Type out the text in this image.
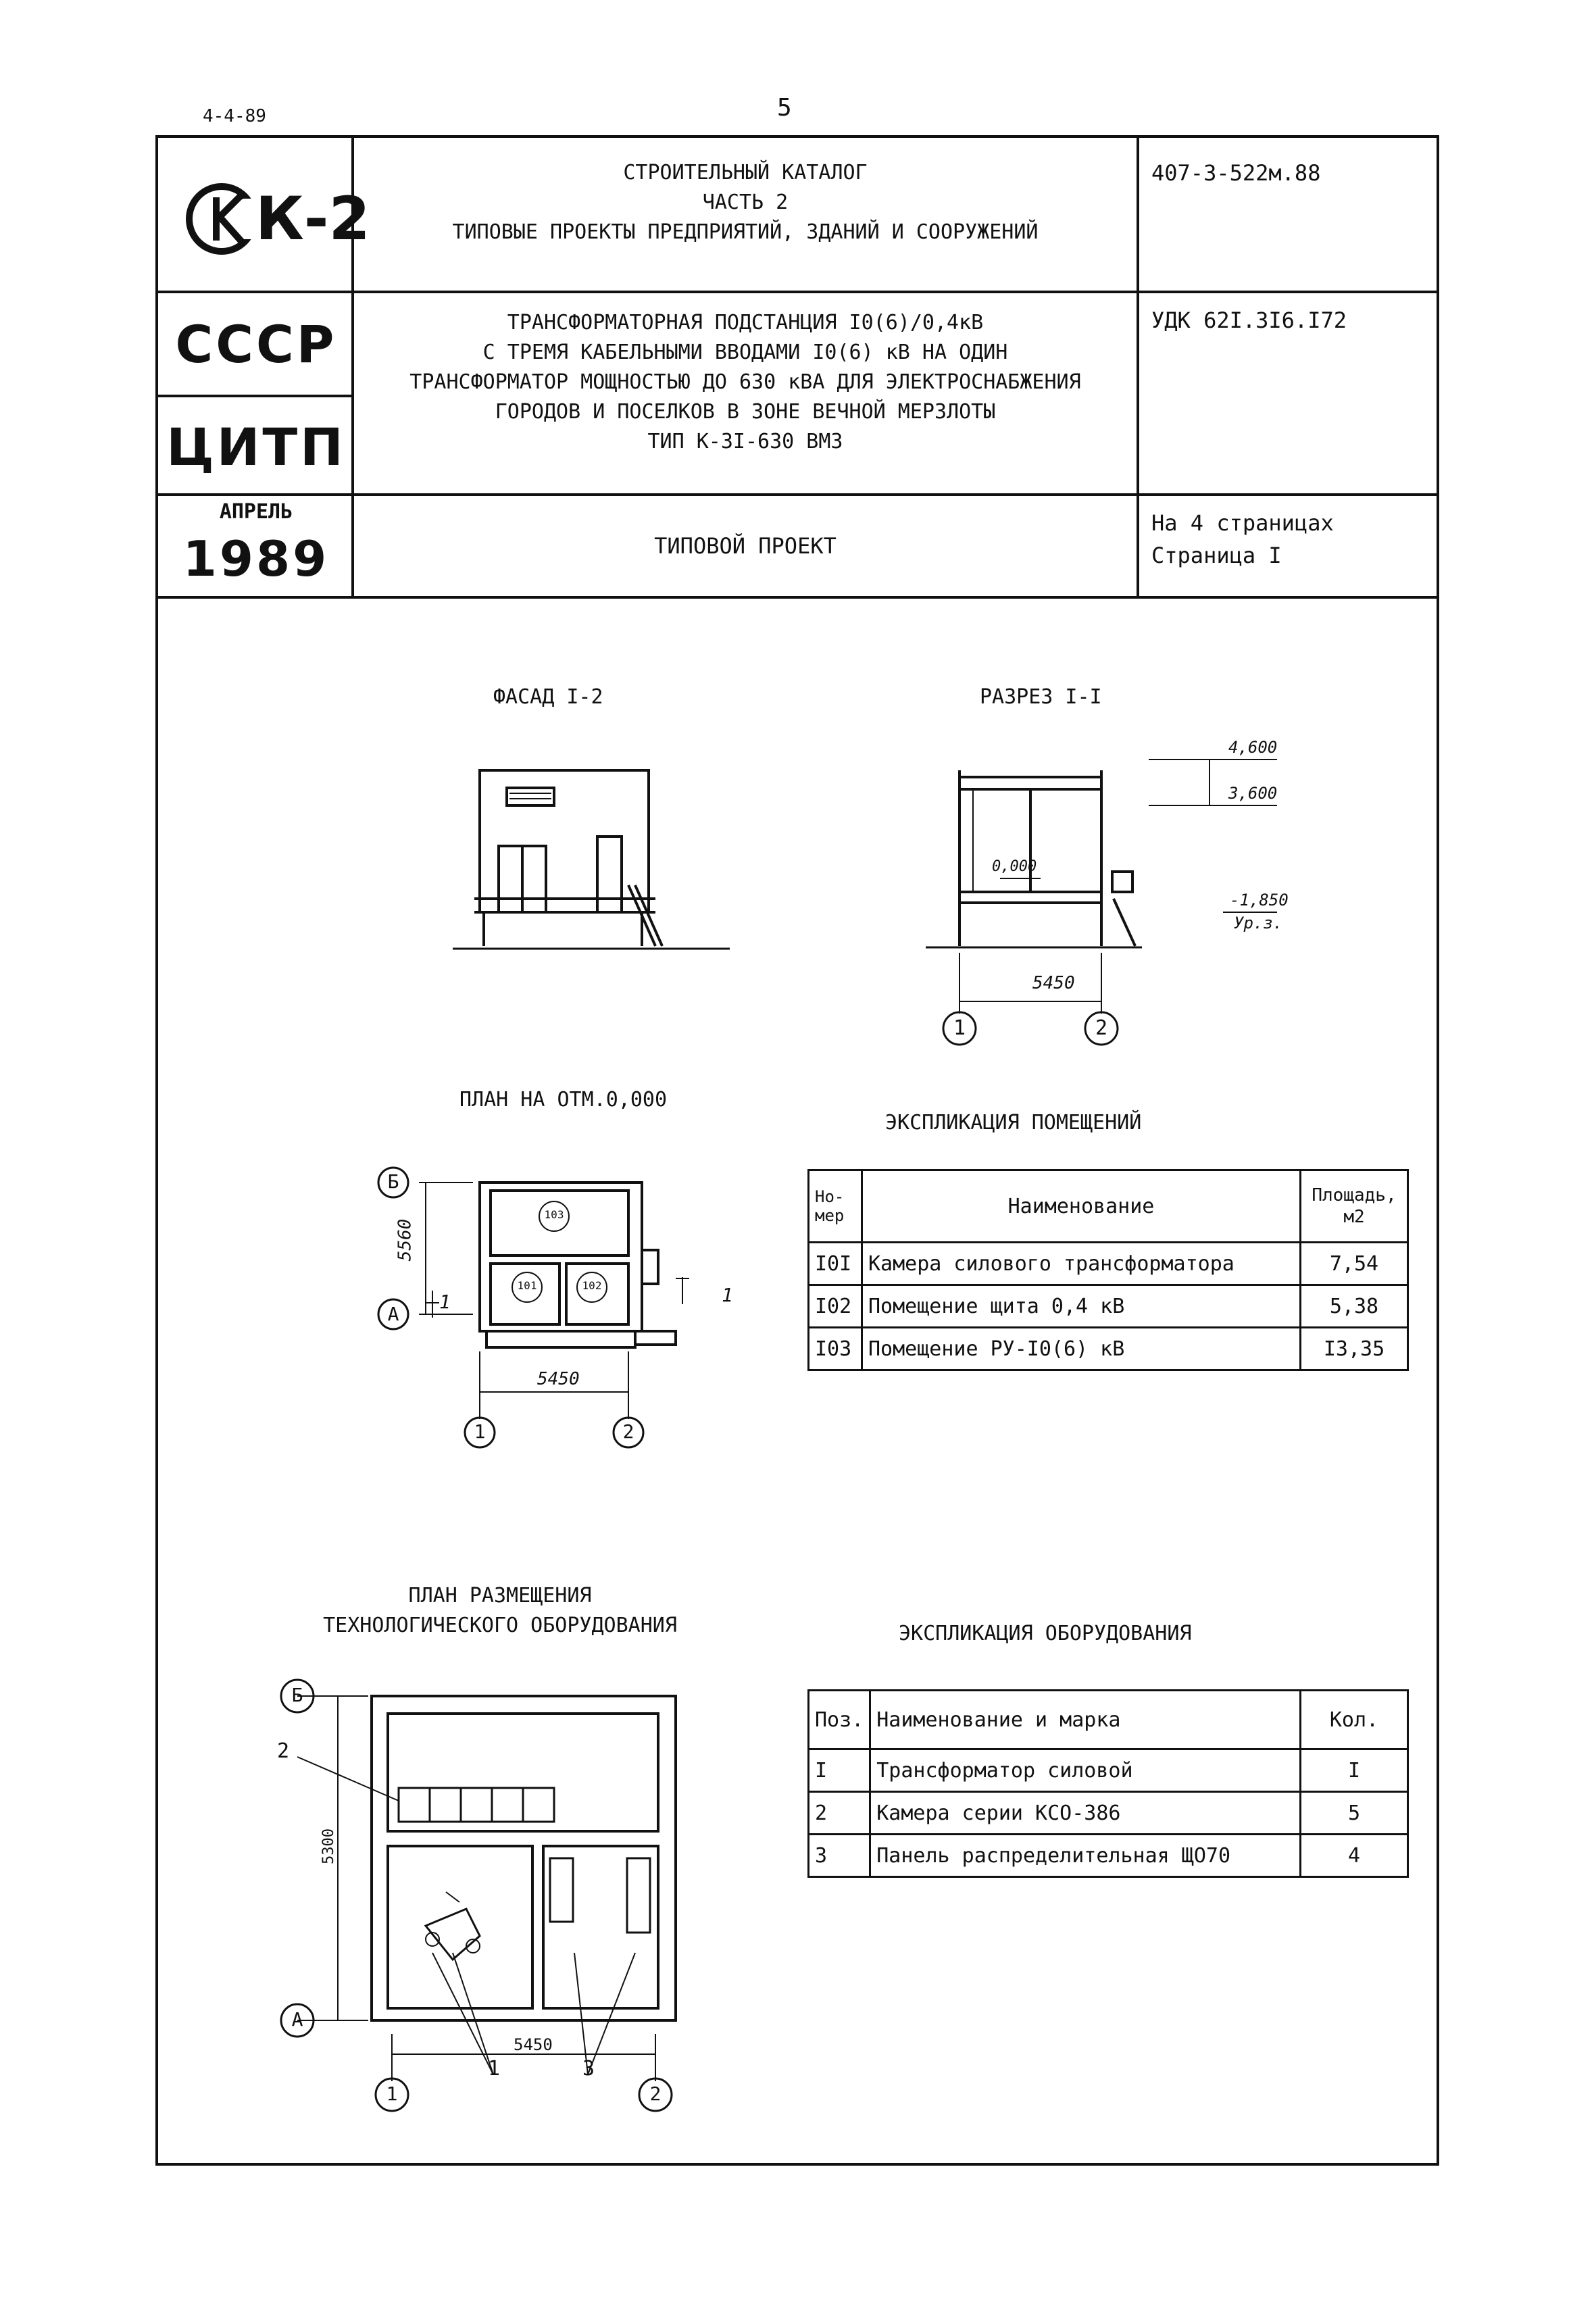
4-4-89	5
К-2
СССР
ЦИТП
АПРЕЛЬ
1989
СТРОИТЕЛЬНЫЙ КАТАЛОГ
ЧАСТЬ 2
ТИПОВЫЕ ПРОЕКТЫ ПРЕДПРИЯТИЙ, ЗДАНИЙ И СООРУЖЕНИЙ
407-3-522м.88
ТРАНСФОРМАТОРНАЯ ПОДСТАНЦИЯ I0(6)/0,4кВ
С ТРЕМЯ КАБЕЛЬНЫМИ ВВОДАМИ I0(6) кВ НА ОДИН
ТРАНСФОРМАТОР МОЩНОСТЬЮ ДО 630 кВА ДЛЯ ЭЛЕКТРОСНАБЖЕНИЯ
ГОРОДОВ И ПОСЕЛКОВ В ЗОНЕ ВЕЧНОЙ МЕРЗЛОТЫ
ТИП К-3I-630 ВМЗ
УДК 62I.3I6.I72
ТИПОВОЙ ПРОЕКТ
На 4 страницах
Страница I
ФАСАД I-2	РАЗРЕЗ I-I
4,600
3,600
0,000
-1,850
Ур.з.
5450
1	2
ПЛАН НА ОТМ.0,000
5560
5450
Б
А
1	2
103
101	102
1	1
ЭКСПЛИКАЦИЯ ПОМЕЩЕНИЙ
Но-
мер	Наименование	Площадь,
м2
I0I	Камера силового трансформатора	7,54
I02	Помещение щита 0,4 кВ	5,38
I03	Помещение РУ-I0(6) кВ	I3,35
ПЛАН РАЗМЕЩЕНИЯ
ТЕХНОЛОГИЧЕСКОГО ОБОРУДОВАНИЯ
Б
А
1	2
5300
5450
2
1	3
ЭКСПЛИКАЦИЯ ОБОРУДОВАНИЯ
Поз.	Наименование и марка	Кол.
I	Трансформатор силовой	I
2	Камера серии КСО-386	5
3	Панель распределительная ЩО70	4
